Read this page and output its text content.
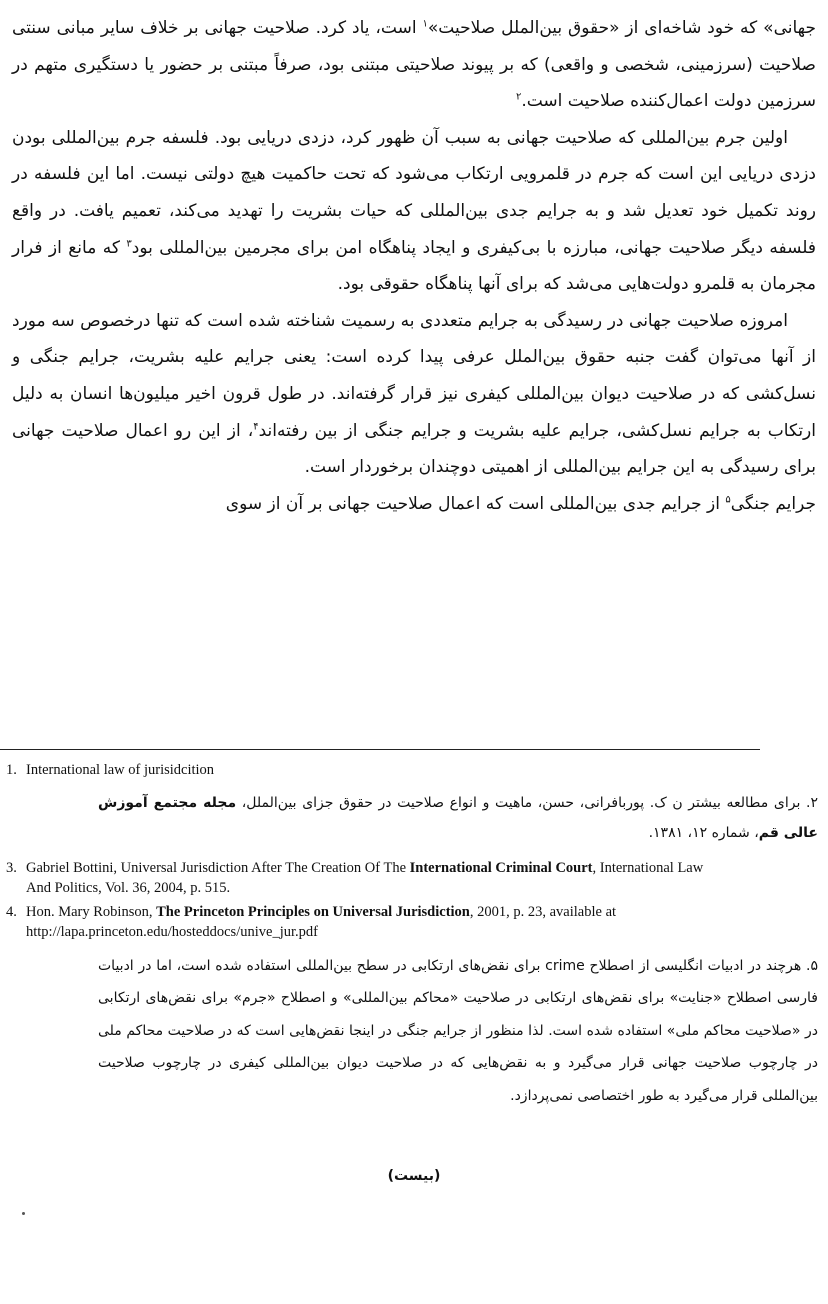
جهانی» که خود شاخه‌ای از «حقوق بین‌الملل صلاحیت»$^۱$ است، یاد کرد. صلاحیت جهانی بر خلاف سایر مبانی سنتی صلاحیت (سرزمینی، شخصی و واقعی) که بر پیوند صلاحیتی مبتنی بود، صرفاً مبتنی بر حضور یا دستگیری متهم در سرزمین دولت اعمال‌کننده صلاحیت است.$^۲$

اولین جرم بین‌المللی که صلاحیت جهانی به سبب آن ظهور کرد، دزدی دریایی بود. فلسفه جرم بین‌المللی بودن دزدی دریایی این است که جرم در قلمرویی ارتکاب می‌شود که تحت حاکمیت هیچ دولتی نیست. اما این فلسفه در روند تکمیل خود تعدیل شد و به جرایم جدی بین‌المللی که حیات بشریت را تهدید می‌کند، تعمیم یافت. در واقع فلسفه دیگر صلاحیت جهانی، مبارزه با بی‌کیفری و ایجاد پناهگاه امن برای مجرمین بین‌المللی بود$^۳$ که مانع از فرار مجرمان به قلمرو دولت‌هایی می‌شد که برای آنها پناهگاه حقوقی بود.

امروزه صلاحیت جهانی در رسیدگی به جرایم متعددی به رسمیت شناخته شده است که تنها درخصوص سه مورد از آنها می‌توان گفت جنبه حقوق بین‌الملل عرفی پیدا کرده است: یعنی جرایم علیه بشریت، جرایم جنگی و نسل‌کشی که در صلاحیت دیوان بین‌المللی کیفری نیز قرار گرفته‌اند. در طول قرون اخیر میلیون‌ها انسان به دلیل ارتکاب به جرایم نسل‌کشی، جرایم علیه بشریت و جرایم جنگی از بین رفته‌اند$^۴$، از این رو اعمال صلاحیت جهانی برای رسیدگی به این جرایم بین‌المللی از اهمیتی دوچندان برخوردار است.

جرایم جنگی$^۵$ از جرایم جدی بین‌المللی است که اعمال صلاحیت جهانی بر آن از سوی

1. International law of jurisidcition
۲. برای مطالعه بیشتر ن ک. پوربافرانی، حسن، ماهیت و انواع صلاحیت در حقوق جزای بین‌الملل، مجله مجتمع آموزش عالی قم، شماره ۱۲، ۱۳۸۱.
3. Gabriel Bottini, Universal Jurisdiction After The Creation Of The International Criminal Court, International Law And Politics, Vol. 36, 2004, p. 515.
4. Hon. Mary Robinson, The Princeton Principles on Universal Jurisdiction, 2001, p. 23, available at http://lapa.princeton.edu/hosteddocs/unive_jur.pdf
۵. هرچند در ادبیات انگلیسی از اصطلاح crime برای نقض‌های ارتکابی در سطح بین‌المللی استفاده شده است، اما در ادبیات فارسی اصطلاح «جنایت» برای نقض‌های ارتکابی در صلاحیت «محاکم بین‌المللی» و اصطلاح «جرم» برای نقض‌های ارتکابی در «صلاحیت محاکم ملی» استفاده شده است. لذا منظور از جرایم جنگی در اینجا نقض‌هایی است که در صلاحیت محاکم ملی در چارچوب صلاحیت جهانی قرار می‌گیرد و به نقض‌هایی که در صلاحیت دیوان بین‌المللی کیفری در چارچوب صلاحیت بین‌المللی قرار می‌گیرد به طور اختصاصی نمی‌پردازد.
(بیست)
